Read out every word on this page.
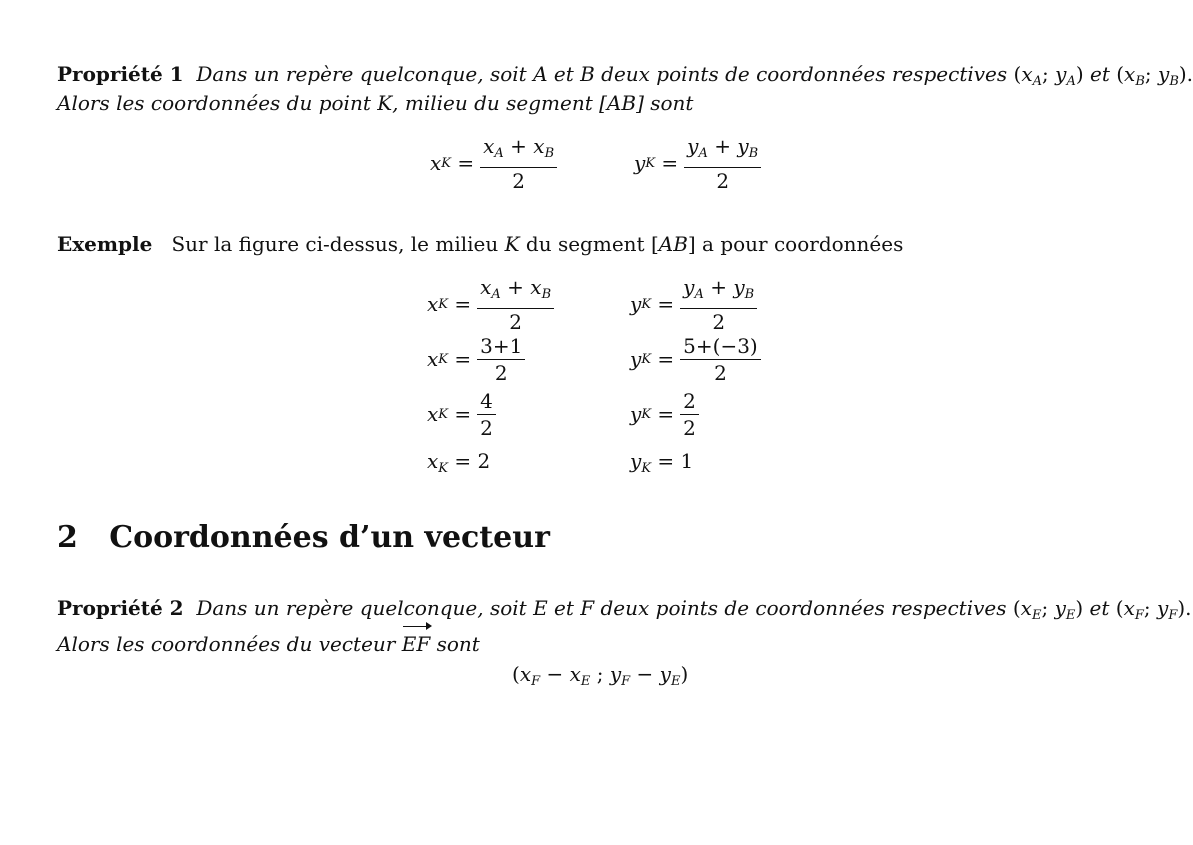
Propriété 1 Dans un repère quelconque, soit A et B deux points de coordonnées respectives ($x_A$; $y_A$) et ($x_B$; $y_B$).
Alors les coordonnées du point K, milieu du segment [AB] sont
x $K = \frac{x_A + x_B}{2}$	y $K = \frac{y_A + y_B}{2}$
Exemple Sur la figure ci-dessus, le milieu K du segment [AB] a pour coordonnées
x $K = \frac{x_A + x_B}{2}$	y $K = \frac{y_A + y_B}{2}$
x $K = \frac{3+1}{2}$	y $K = \frac{5+(-3)}{2}$
x $K = \frac{4}{2}$	y $K = \frac{2}{2}$
$x_K = 2$	$y_K = 1$
2 Coordonnées d’un vecteur
Propriété 2 Dans un repère quelconque, soit E et F deux points de coordonnées respectives ($x_E$; $y_E$) et ($x_F$; $y_F$).
Alors les coordonnées du vecteur EF sont
($x_F - x_E$ ; $y_F - y_E$)
